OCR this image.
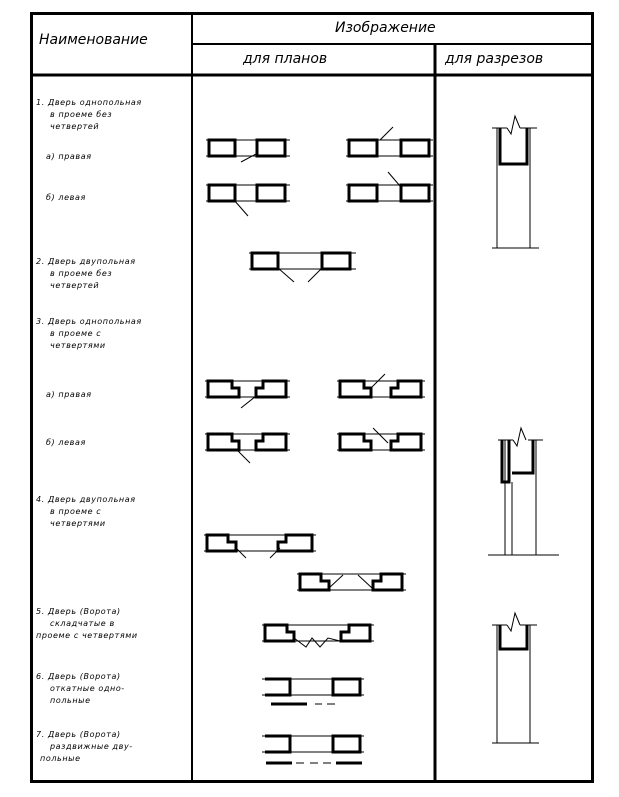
Наименование
Изображение
для планов	для разрезов
1. Дверь однопольная
в проеме без
четвертей
а) правая
б) левая
2. Дверь двупольная
в проеме без
четвертей
3. Дверь однопольная
в проеме с
четвертями
а) правая
б) левая
4. Дверь двупольная
в проеме с
четвертями
5. Дверь (Ворота)
складчатые в
проеме с четвертями
6. Дверь (Ворота)
откатные одно-
польные
7. Дверь (Ворота)
раздвижные дву-
польные
